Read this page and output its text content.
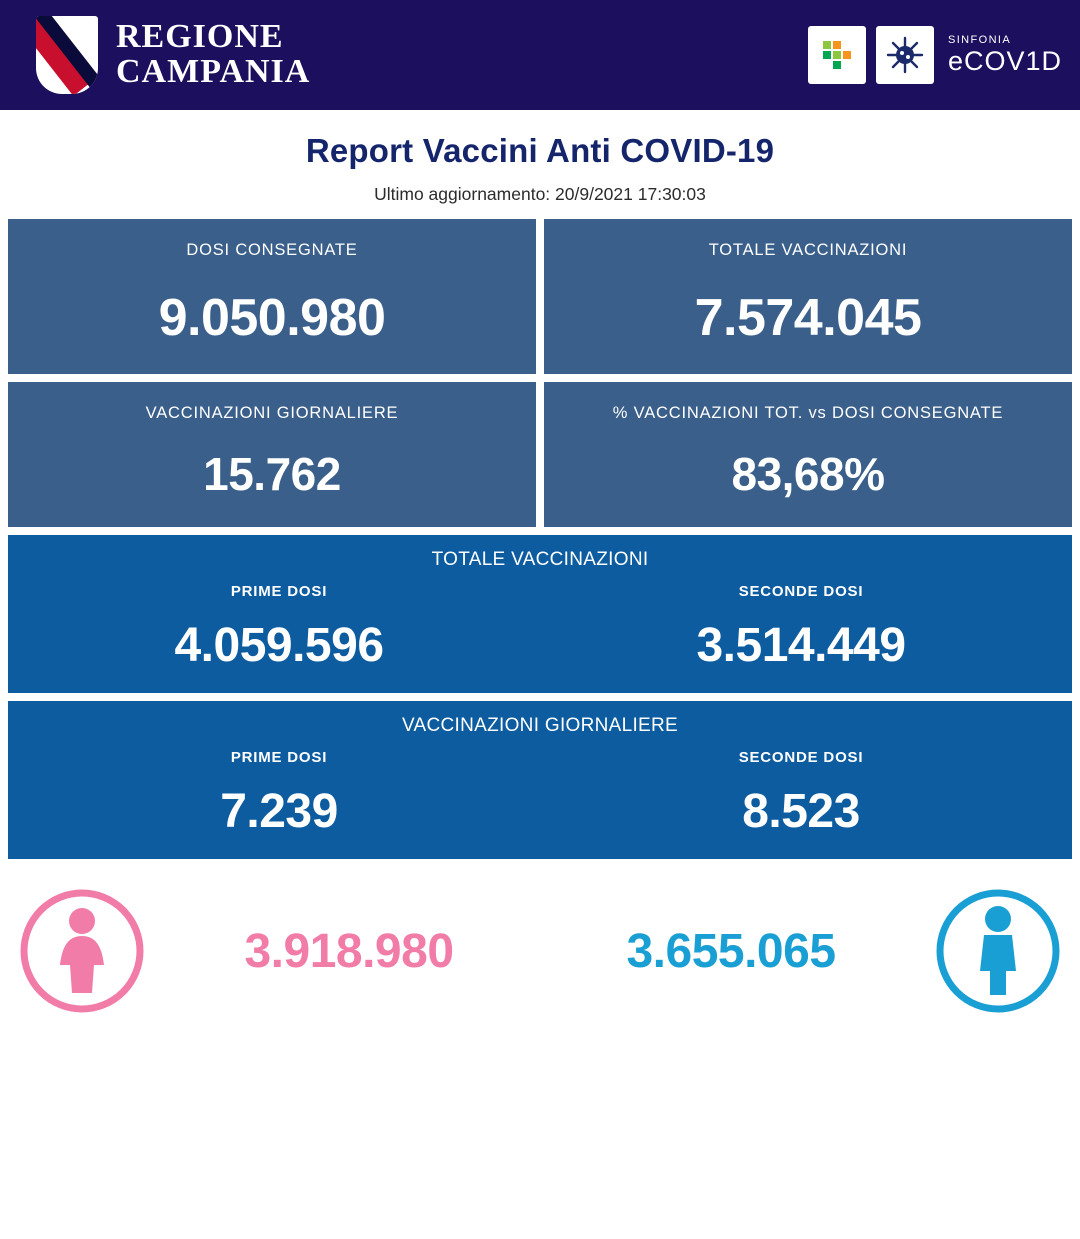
REGIONE
CAMPANIA
SINFONIA
eCOV1D
Report Vaccini Anti COVID-19
Ultimo aggiornamento: 20/9/2021 17:30:03
DOSI CONSEGNATE
9.050.980
TOTALE VACCINAZIONI
7.574.045
VACCINAZIONI GIORNALIERE
15.762
% VACCINAZIONI TOT. vs DOSI CONSEGNATE
83,68%
TOTALE VACCINAZIONI
PRIME DOSI
4.059.596
SECONDE DOSI
3.514.449
VACCINAZIONI GIORNALIERE
PRIME DOSI
7.239
SECONDE DOSI
8.523
3.918.980	3.655.065
